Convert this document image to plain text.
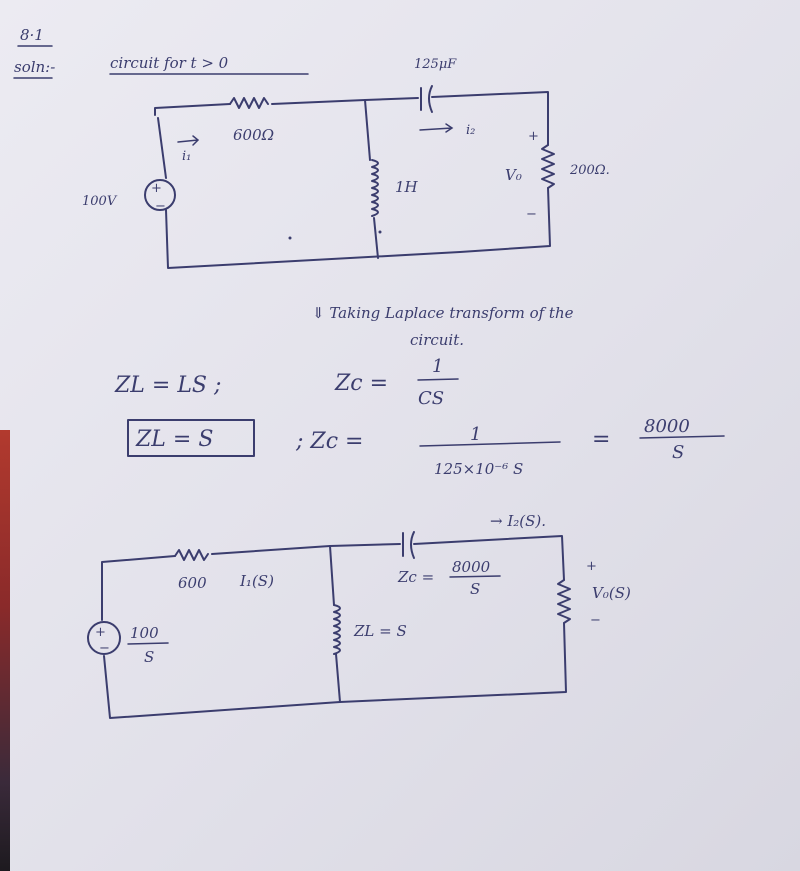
8·1
soln:-	circuit for t > 0
+
−
125μF
600Ω
i₁
i₂	+
1H
100V
V₀	200Ω.
−
⇓ Taking Laplace transform of the
circuit.
ZL = LS ;	Zc =
1
CS
ZL = S	; Zc =	1
125×10⁻⁶ S
=
8000
S
+
−
→ I₂(S).
600 I₁(S)	Zc =
8000
S
+
V₀(S)
−
100
S
ZL = S
